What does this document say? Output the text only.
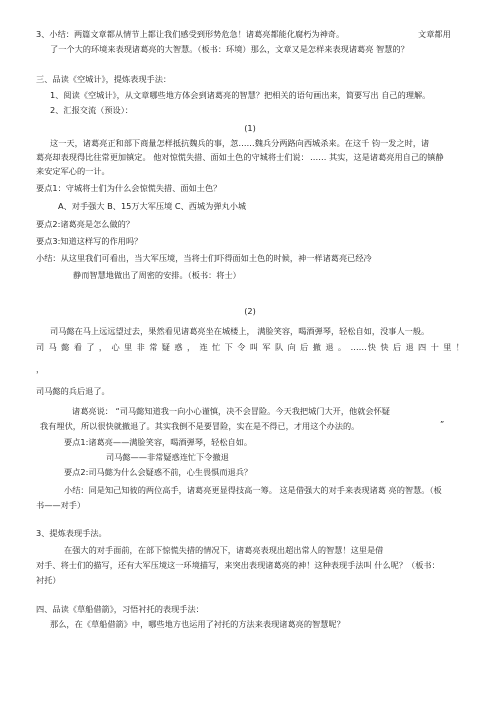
3、小结：两篇文章都从情节上都让我们感受到形势危急！诸葛亮都能化腐朽为神奇。	文章都用
了一个大的环境来表现诸葛亮的大智慧。（板书：环境）那么，文章又是怎样来表现诸葛亮 智慧的？
三、品读《空城计》，提炼表现手法：
1、阅读《空城计》，从文章哪些地方体会到诸葛亮的智慧？把相关的语句画出来，简要写出 自己的理解。
2、汇报交流（预设）：
(1)
这一天，诸葛亮正和部下商量怎样抵抗魏兵的事，忽……魏兵分两路向西城杀来。在这千 钧一发之时，诸
葛亮却表现得比往常更加镇定。 他对惊慌失措、面如土色的守城将士们说： …… 其实，这是诸葛亮用自己的镇静
来安定军心的一计。
要点1：守城将士们为什么会惊慌失措、面如土色？
A、对手强大 B、15万大军压境 C、西城为弹丸小城
要点2:诸葛亮是怎么做的？
要点3:知道这样写的作用吗？
小结：从这里我们可看出，当大军压境，当将士们吓得面如土色的时候，神一样诸葛亮已经冷
静而智慧地做出了周密的安排。（板书：将士）
(2)
司马懿在马上远远望过去，果然看见诸葛亮坐在城楼上， 满脸笑容，喝酒弹琴，轻松自如，没事人一般。
司 马 懿 看 了 ， 心 里 非 常 疑 惑 ， 连 忙 下 令 叫 军 队 向 后 撤 退 。 ……快 快 后 退 四 十 里 ！
，
司马懿的兵后退了。
诸葛亮说： “司马懿知道我一向小心谨慎，决不会冒险。今天我把城门大开，他就会怀疑
我有埋伏，所以很快就撤退了。其实我倒不是要冒险，实在是不得已，才用这个办法的。	”
要点1:诸葛亮——满脸笑容，喝酒弹琴，轻松自如。
司马懿——非常疑惑连忙下令撤退
要点2:司马懿为什么会疑惑不前，心生畏惧而退兵？
小结：同是知己知彼的两位高手，诸葛亮更显得技高一筹。 这是借强大的对手来表现诸葛 亮的智慧。（板
书——对手）
3、提炼表现手法。
在强大的对手面前，在部下惊慌失措的情况下，诸葛亮表现出超出常人的智慧！这里是借
对手、将士们的描写，还有大军压境这一环境描写，来突出表现诸葛亮的神！这种表现手法叫 什么呢？（板书：
衬托）
四、品读《草船借箭》，习悟衬托的表现手法：
那么，在《草船借箭》中，哪些地方也运用了衬托的方法来表现诸葛亮的智慧呢？
